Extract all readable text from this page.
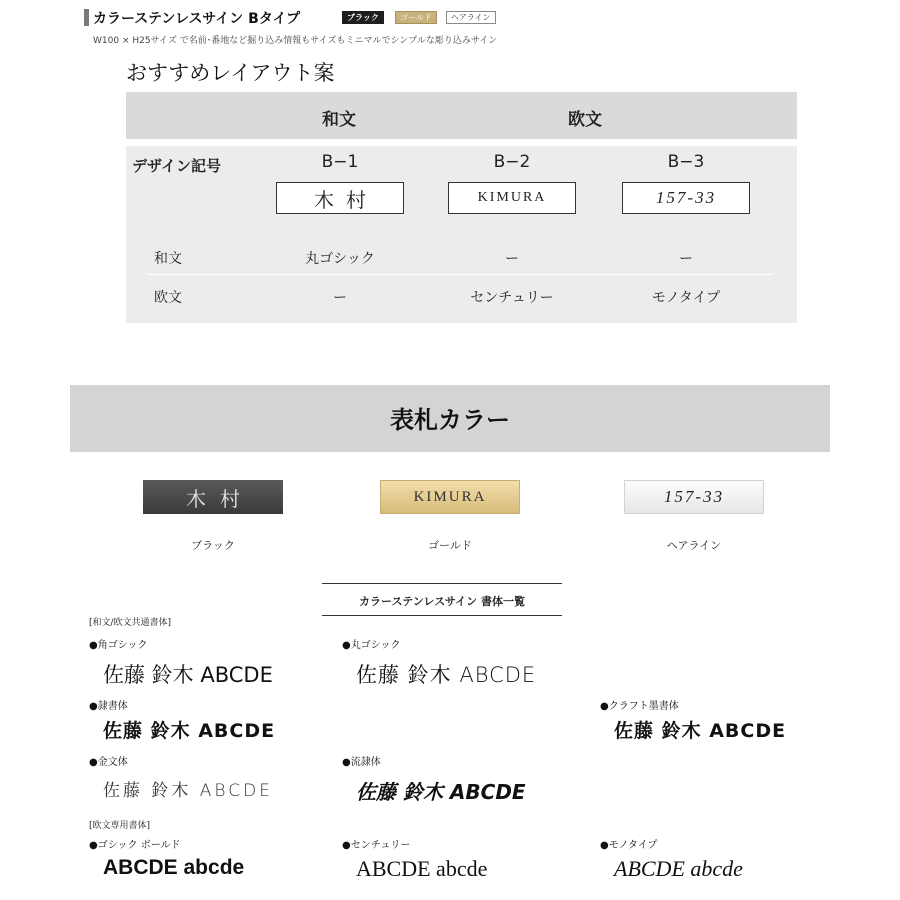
カラーステンレスサイン Bタイプ	ブラック	ゴールド	ヘアライン
W100 × H25サイズ で名前･番地など掘り込み情報もサイズもミニマルでシンプルな彫り込みサイン
おすすめレイアウト案
和文	欧文
デザイン記号	B−1	B−2	B−3
木村	KIMURA	157-33
和文	丸ゴシック	ー	ー
欧文	ー	センチュリー	モノタイプ
表札カラー
木村	KIMURA	157-33
ブラック	ゴールド	ヘアライン
カラーステンレスサイン 書体一覧
[和文/欧文共通書体]
●角ゴシック
佐藤 鈴木 ABCDE
●丸ゴシック
佐藤 鈴木 ABCDE
●隷書体
佐藤 鈴木 ABCDE
●クラフト墨書体
佐藤 鈴木 ABCDE
●金文体
佐藤 鈴木 ABCDE
●流隷体
佐藤 鈴木 ABCDE
[欧文専用書体]
●ゴシック ボールド
ABCDE abcde
●センチュリー
ABCDE abcde
●モノタイプ
ABCDE abcde
